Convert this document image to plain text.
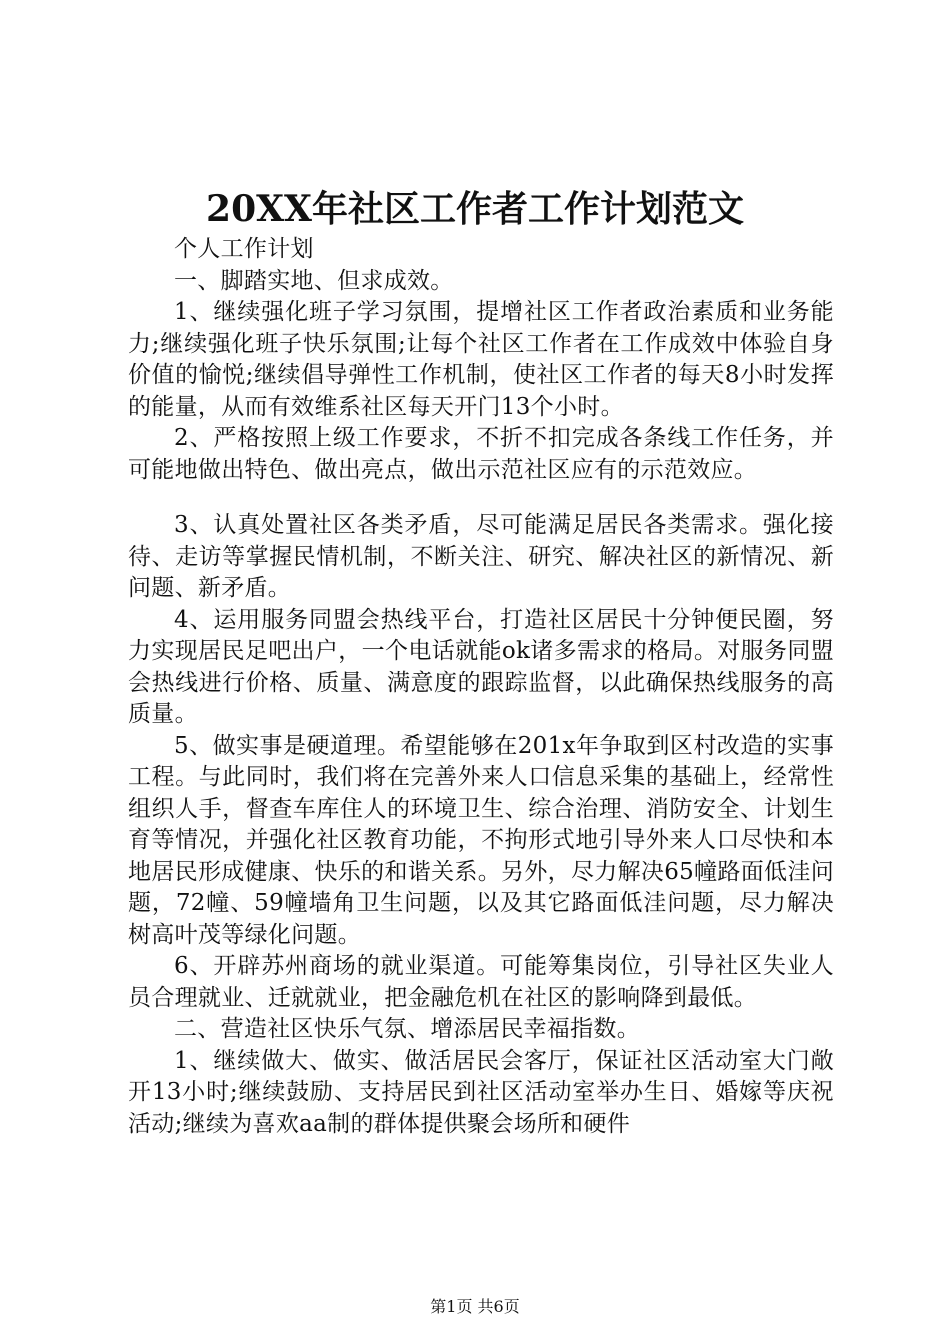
20XX年社区工作者工作计划范文

个人工作计划

一、脚踏实地、但求成效。

1、继续强化班子学习氛围，提增社区工作者政治素质和业务能力;继续强化班子快乐氛围;让每个社区工作者在工作成效中体验自身价值的愉悦;继续倡导弹性工作机制，使社区工作者的每天8小时发挥的能量，从而有效维系社区每天开门13个小时。

2、严格按照上级工作要求，不折不扣完成各条线工作任务，并可能地做出特色、做出亮点，做出示范社区应有的示范效应。

3、认真处置社区各类矛盾，尽可能满足居民各类需求。强化接待、走访等掌握民情机制，不断关注、研究、解决社区的新情况、新问题、新矛盾。

4、运用服务同盟会热线平台，打造社区居民十分钟便民圈，努力实现居民足吧出户，一个电话就能ok诸多需求的格局。对服务同盟会热线进行价格、质量、满意度的跟踪监督，以此确保热线服务的高质量。

5、做实事是硬道理。希望能够在201x年争取到区村改造的实事工程。与此同时，我们将在完善外来人口信息采集的基础上，经常性组织人手，督查车库住人的环境卫生、综合治理、消防安全、计划生育等情况，并强化社区教育功能，不拘形式地引导外来人口尽快和本地居民形成健康、快乐的和谐关系。另外，尽力解决65幢路面低洼问题，72幢、59幢墙角卫生问题，以及其它路面低洼问题，尽力解决树高叶茂等绿化问题。

6、开辟苏州商场的就业渠道。可能筹集岗位，引导社区失业人员合理就业、迁就就业，把金融危机在社区的影响降到最低。

二、营造社区快乐气氛、增添居民幸福指数。

1、继续做大、做实、做活居民会客厅，保证社区活动室大门敞开13小时;继续鼓励、支持居民到社区活动室举办生日、婚嫁等庆祝活动;继续为喜欢aa制的群体提供聚会场所和硬件

第1页 共6页
